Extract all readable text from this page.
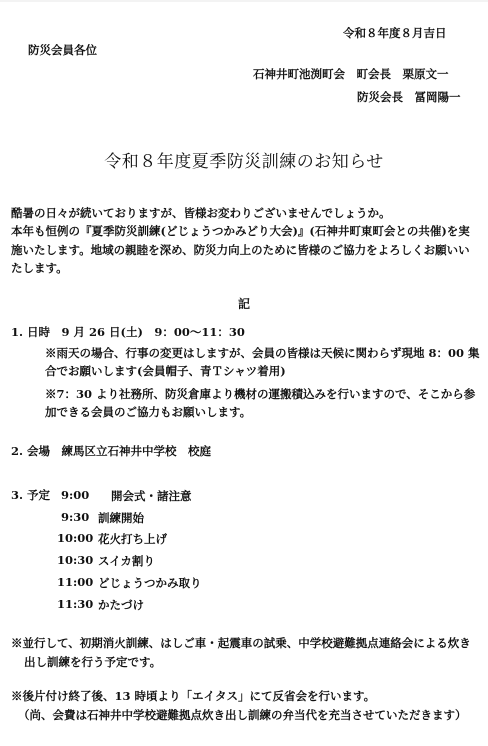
令和８年度８月吉日
防災会員各位
石神井町池渕町会　町会長　栗原文一
防災会長　冨岡陽一
令和８年度夏季防災訓練のお知らせ
酷暑の日々が続いておりますが、皆様お変わりございませんでしょうか。
本年も恒例の『夏季防災訓練(どじょうつかみどり大会)』(石神井町東町会との共催)を実
施いたします。地域の親睦を深め、防災力向上のために皆様のご協力をよろしくお願いい
たします。
記
1. 日時　9 月 26 日(土)　9：00～11：30
※雨天の場合、行事の変更はしますが、会員の皆様は天候に関わらず現地 8：00 集
合でお願いします(会員帽子、青Ｔシャツ着用)
※7：30 より社務所、防災倉庫より機材の運搬積込みを行いますので、そこから参
加できる会員のご協力もお願いします。
2. 会場　練馬区立石神井中学校　校庭
3. 予定 9:00 開会式・諸注意
9:30 訓練開始
10:00 花火打ち上げ
10:30 スイカ割り
11:00 どじょうつかみ取り
11:30 かたづけ
※並行して、初期消火訓練、はしご車・起震車の試乗、中学校避難拠点連絡会による炊き
出し訓練を行う予定です。
※後片付け終了後、13 時頃より「エイタス」にて反省会を行います。
（尚、会費は石神井中学校避難拠点炊き出し訓練の弁当代を充当させていただきます）
